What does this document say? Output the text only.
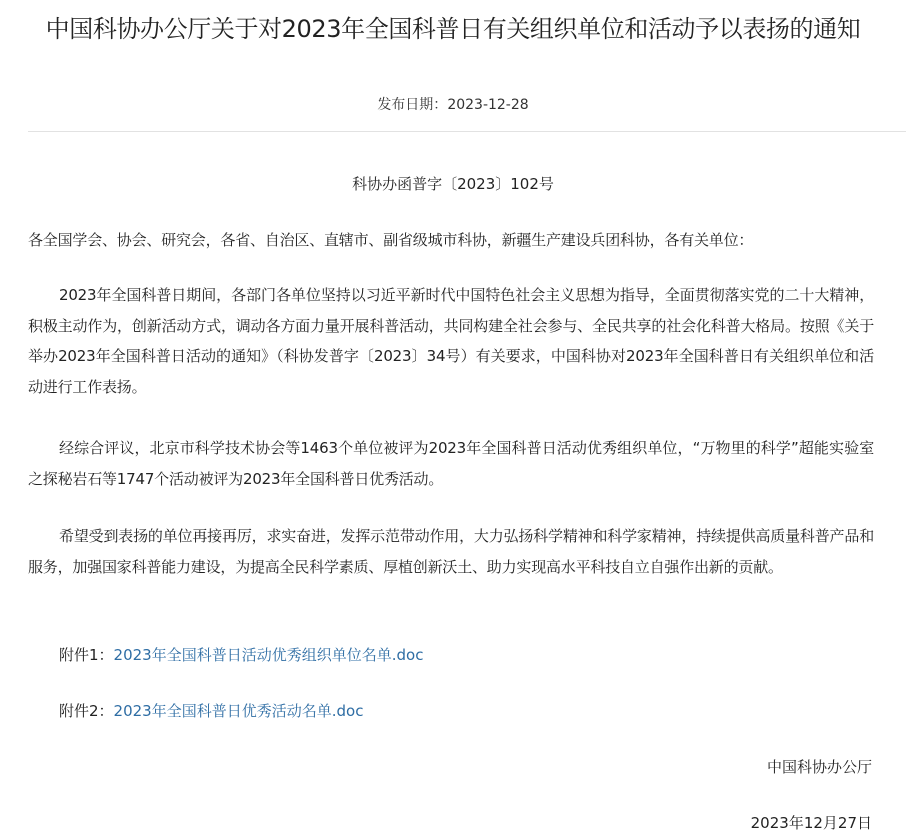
中国科协办公厅关于对2023年全国科普日有关组织单位和活动予以表扬的通知
发布日期：2023-12-28
科协办函普字〔2023〕102号
各全国学会、协会、研究会，各省、自治区、直辖市、副省级城市科协，新疆生产建设兵团科协，各有关单位：

2023年全国科普日期间，各部门各单位坚持以习近平新时代中国特色社会主义思想为指导，全面贯彻落实党的二十大精神，积极主动作为，创新活动方式，调动各方面力量开展科普活动，共同构建全社会参与、全民共享的社会化科普大格局。按照《关于举办2023年全国科普日活动的通知》（科协发普字〔2023〕34号）有关要求，中国科协对2023年全国科普日有关组织单位和活动进行工作表扬。

经综合评议，北京市科学技术协会等1463个单位被评为2023年全国科普日活动优秀组织单位，“万物里的科学”超能实验室之探秘岩石等1747个活动被评为2023年全国科普日优秀活动。

希望受到表扬的单位再接再厉，求实奋进，发挥示范带动作用，大力弘扬科学精神和科学家精神，持续提供高质量科普产品和服务，加强国家科普能力建设，为提高全民科学素质、厚植创新沃土、助力实现高水平科技自立自强作出新的贡献。

附件1：2023年全国科普日活动优秀组织单位名单.doc
附件2：2023年全国科普日优秀活动名单.doc
中国科协办公厅
2023年12月27日
